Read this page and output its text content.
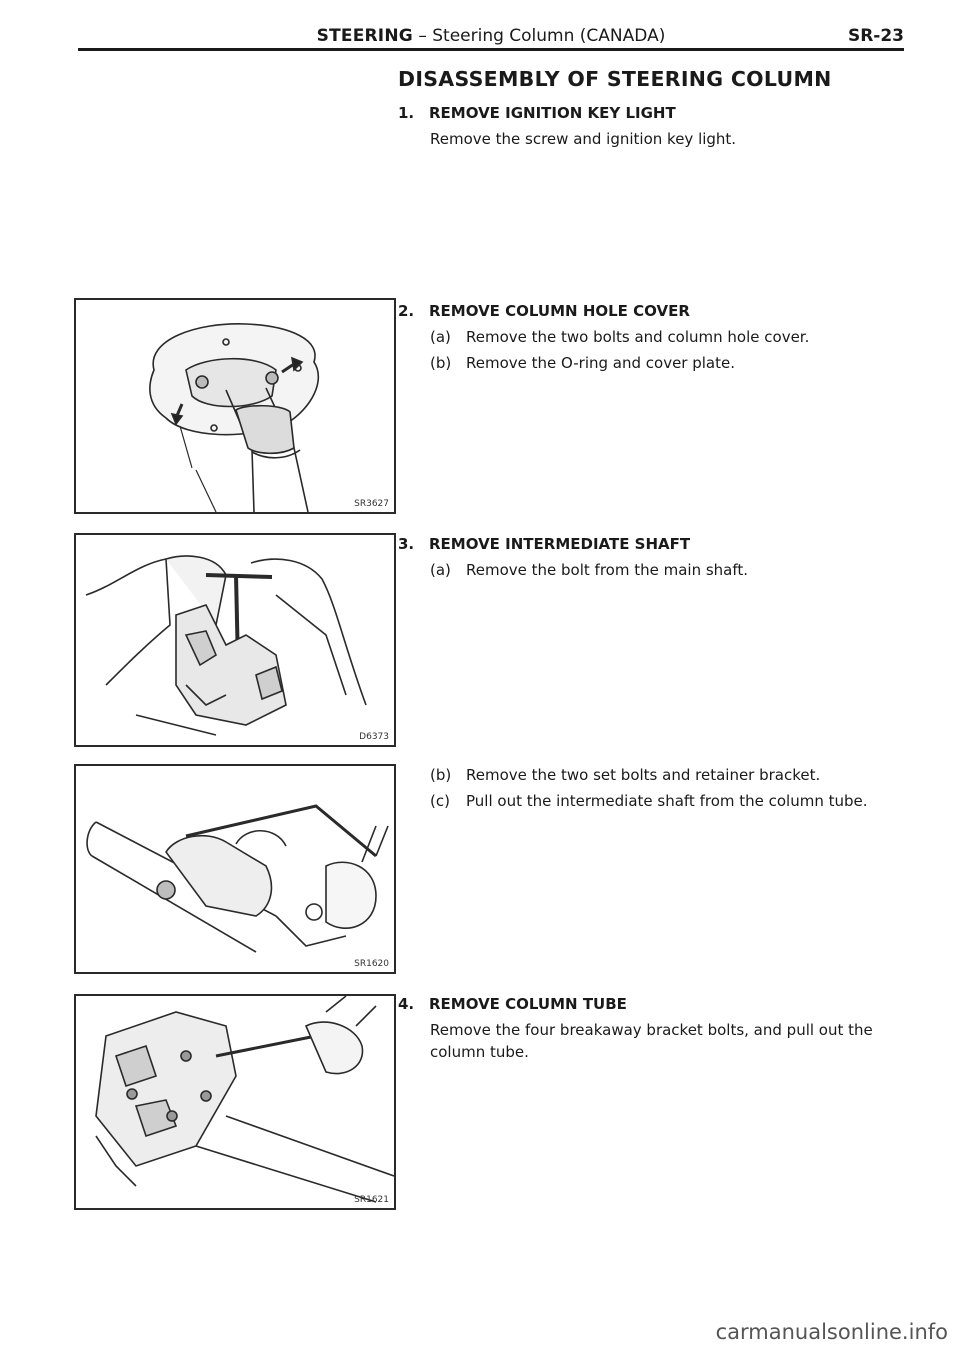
STEERING – Steering Column (CANADA)	SR-23
DISASSEMBLY OF STEERING COLUMN
1. REMOVE IGNITION KEY LIGHT
Remove the screw and ignition key light.
2. REMOVE COLUMN HOLE COVER
(a) Remove the two bolts and column hole cover.
(b) Remove the O-ring and cover plate.
3. REMOVE INTERMEDIATE SHAFT
(a) Remove the bolt from the main shaft.
(b) Remove the two set bolts and retainer bracket.
(c) Pull out the intermediate shaft from the column tube.
4. REMOVE COLUMN TUBE
Remove the four breakaway bracket bolts, and pull out the
column tube.
SR3627
D6373
SR1620
SR1621
carmanualsonline.info
